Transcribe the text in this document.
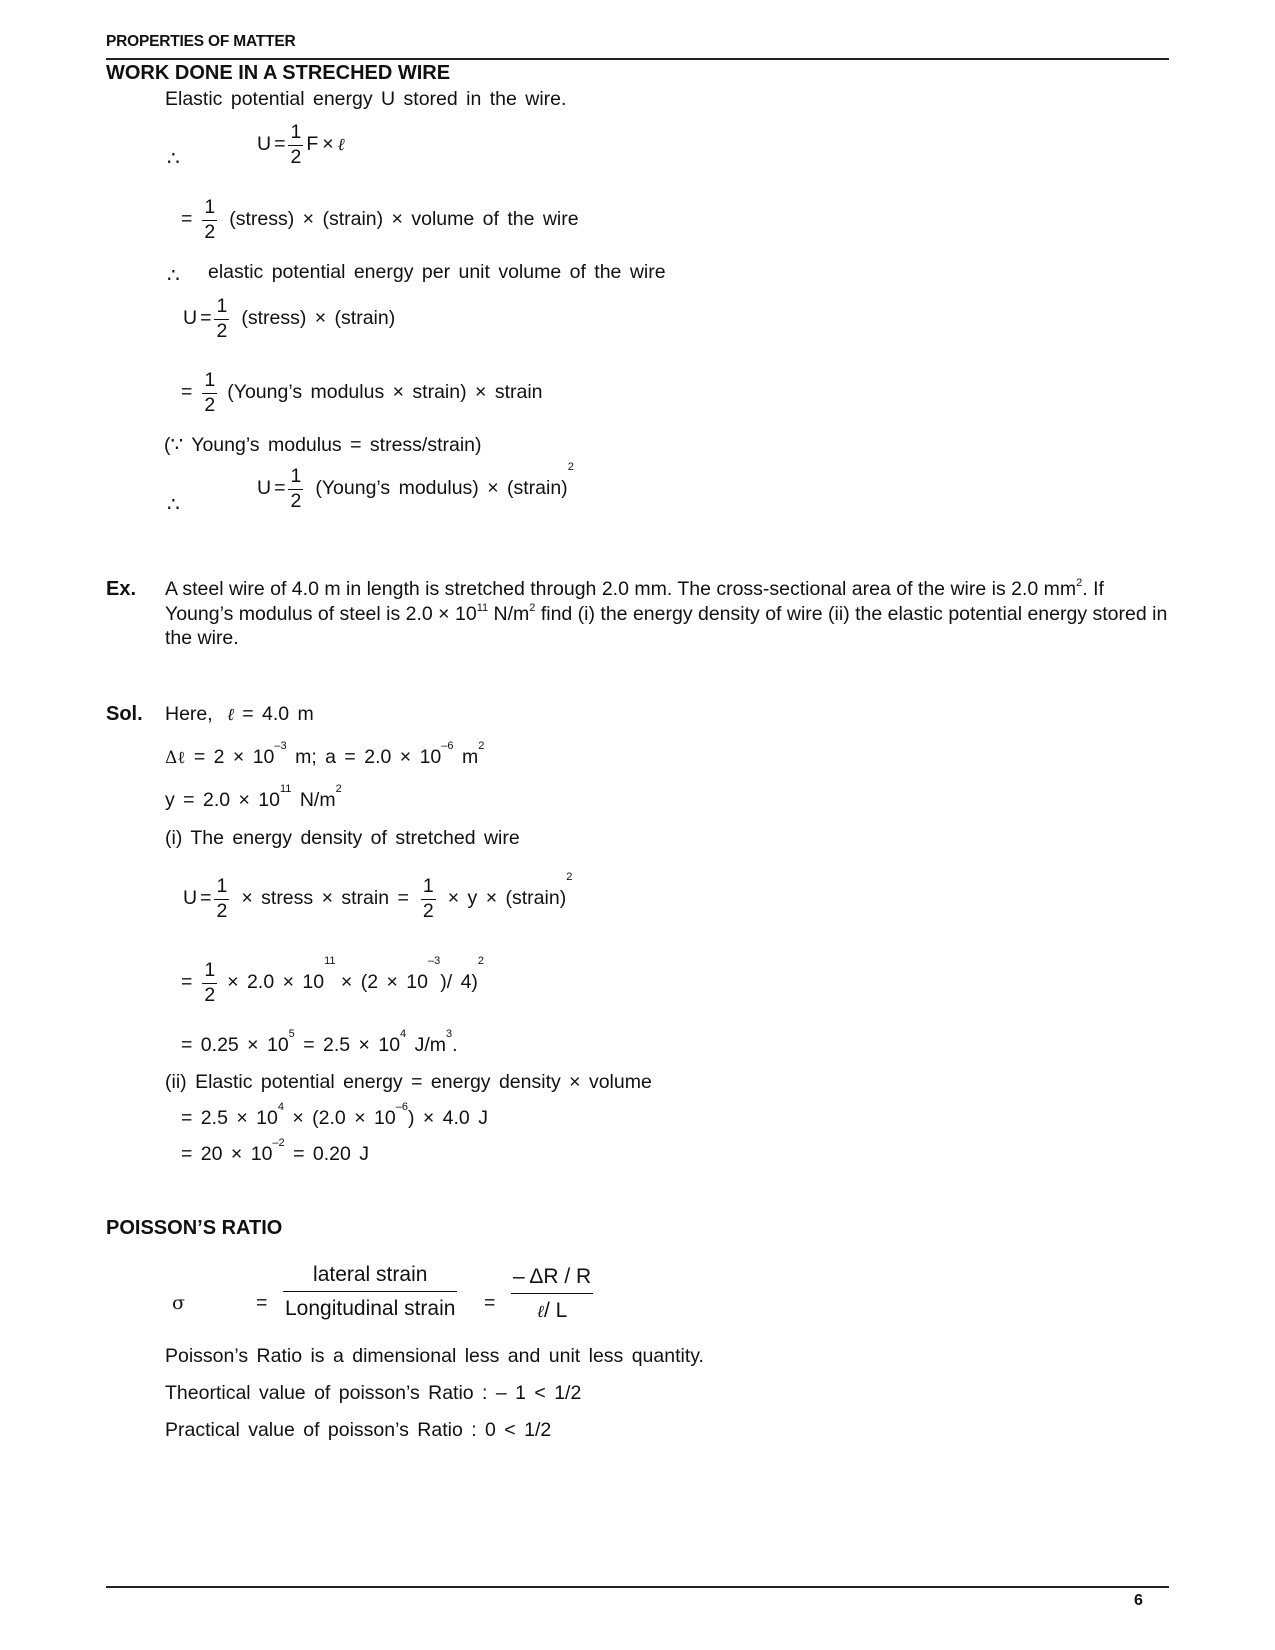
PROPERTIES OF MATTER
WORK DONE IN A STRECHED WIRE
Elastic potential energy U stored in the wire.
∴
$U = \frac{1}{2}$ F × ℓ
= $\frac{1}{2}$ (stress) × (strain) × volume of the wire
∴ elastic potential energy per unit volume of the wire
$U = \frac{1}{2}$ (stress) × (strain)
= $\frac{1}{2}$ (Young’s modulus × strain) × strain
(∵ Young’s modulus = stress/strain)
∴
$U = \frac{1}{2}$ (Young’s modulus) × (strain)$^2$
Ex. A steel wire of 4.0 m in length is stretched through 2.0 mm. The cross-sectional area of the wire is 2.0 $mm^2$. If Young’s modulus of steel is $2.0 \times 10^{11}$ $N/m^2$ find (i) the energy density of wire (ii) the elastic potential energy stored in the wire.
Sol. Here, ℓ = 4.0 m
Δℓ = $2 \times 10^{-3}$ m; $a = 2.0 \times 10^{-6}$ $m^2$
$y = 2.0 \times 10^{11}$ $N/m^2$
(i) The energy density of stretched wire
$U = \frac{1}{2}$ × stress × strain = $\frac{1}{2} \times y$ × (strain)$^2$
= $\frac{1}{2} \times 2.0 \times 10^{11} \times (2 \times 10^{-3})/$ 4)$^2$
= $0.25 \times 10^5 = 2.5 \times 10^4$ $J/m^3$.
(ii) Elastic potential energy = energy density × volume
= $2.5 \times 10^4 \times (2.0 \times 10^{-6}) \times 4.0$ J
= $20 \times 10^{-2} = 0.20$ J
POISSON’S RATIO
σ	= $\frac{\text{lateral strain}}{\text{Longitudinal strain}} = \frac{- \Delta R / R}{\text{ℓ/ L}}$
Poisson’s Ratio is a dimensional less and unit less quantity.
Theortical value of poisson’s Ratio : – 1 < 1/2
Practical value of poisson’s Ratio : 0 < 1/2
6
